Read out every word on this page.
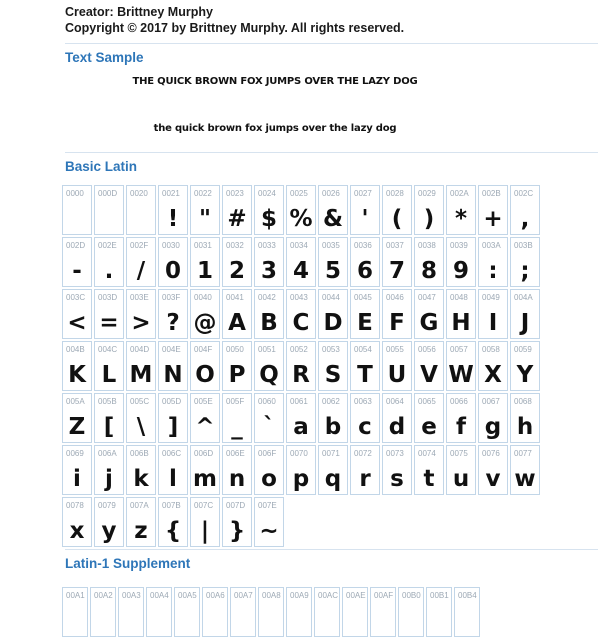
Creator: Brittney Murphy
Copyright © 2017 by Brittney Murphy. All rights reserved.
Text Sample
THE QUICK BROWN FOX JUMPS OVER THE LAZY DOG
the quick brown fox jumps over the lazy dog
Basic Latin
0000 000D 0020 0021
!
0022
"
0023
#
0024
$
0025
%
0026
&
0027
'
0028
(
0029
)
002A
*
002B
+
002C
,
002D
-
002E
.
002F
/
0030
0
0031
1
0032
2
0033
3
0034
4
0035
5
0036
6
0037
7
0038
8
0039
9
003A
:
003B
;
003C
<
003D
=
003E
>
003F
?
0040
@
0041
A
0042
B
0043
C
0044
D
0045
E
0046
F
0047
G
0048
H
0049
I
004A
J
004B
K
004C
L
004D
M
004E
N
004F
O
0050
P
0051
Q
0052
R
0053
S
0054
T
0055
U
0056
V
0057
W
0058
X
0059
Y
005A
Z
005B
[
005C
\
005D
]
005E
^
005F
_
0060
`
0061
a
0062
b
0063
c
0064
d
0065
e
0066
f
0067
g
0068
h
0069
i
006A
j
006B
k
006C
l
006D
m
006E
n
006F
o
0070
p
0071
q
0072
r
0073
s
0074
t
0075
u
0076
v
0077
w
0078
x
0079
y
007A
z
007B
{
007C
|
007D
}
007E
~
Latin-1 Supplement
00A1 00A2 00A3 00A4 00A5 00A6 00A7 00A8 00A9 00AC 00AE 00AF 00B0 00B1 00B4
